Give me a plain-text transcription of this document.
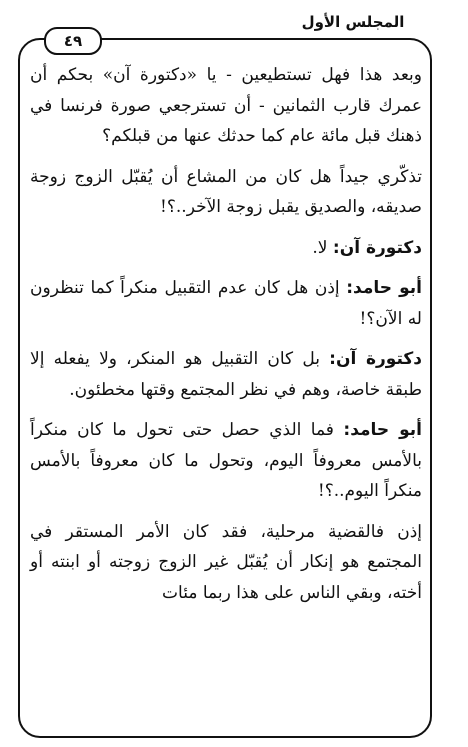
المجلس الأول
٤٩

وبعد هذا فهل تستطيعين - يا «دكتورة آن» بحكم أن عمرك قارب الثمانين - أن تسترجعي صورة فرنسا في ذهنك قبل مائة عام كما حدثك عنها من قبلكم؟

تذكّري جيداً هل كان من المشاع أن يُقبّل الزوج زوجة صديقه، والصديق يقبل زوجة الآخر..؟!

دكتورة آن: لا.

أبو حامد: إذن هل كان عدم التقبيل منكراً كما تنظرون له الآن؟!

دكتورة آن: بل كان التقبيل هو المنكر، ولا يفعله إلا طبقة خاصة، وهم في نظر المجتمع وقتها مخطئون.

أبو حامد: فما الذي حصل حتى تحول ما كان منكراً بالأمس معروفاً اليوم، وتحول ما كان معروفاً بالأمس منكراً اليوم..؟!

إذن فالقضية مرحلية، فقد كان الأمر المستقر في المجتمع هو إنكار أن يُقبّل غير الزوج زوجته أو ابنته أو أخته، وبقي الناس على هذا ربما مئات
